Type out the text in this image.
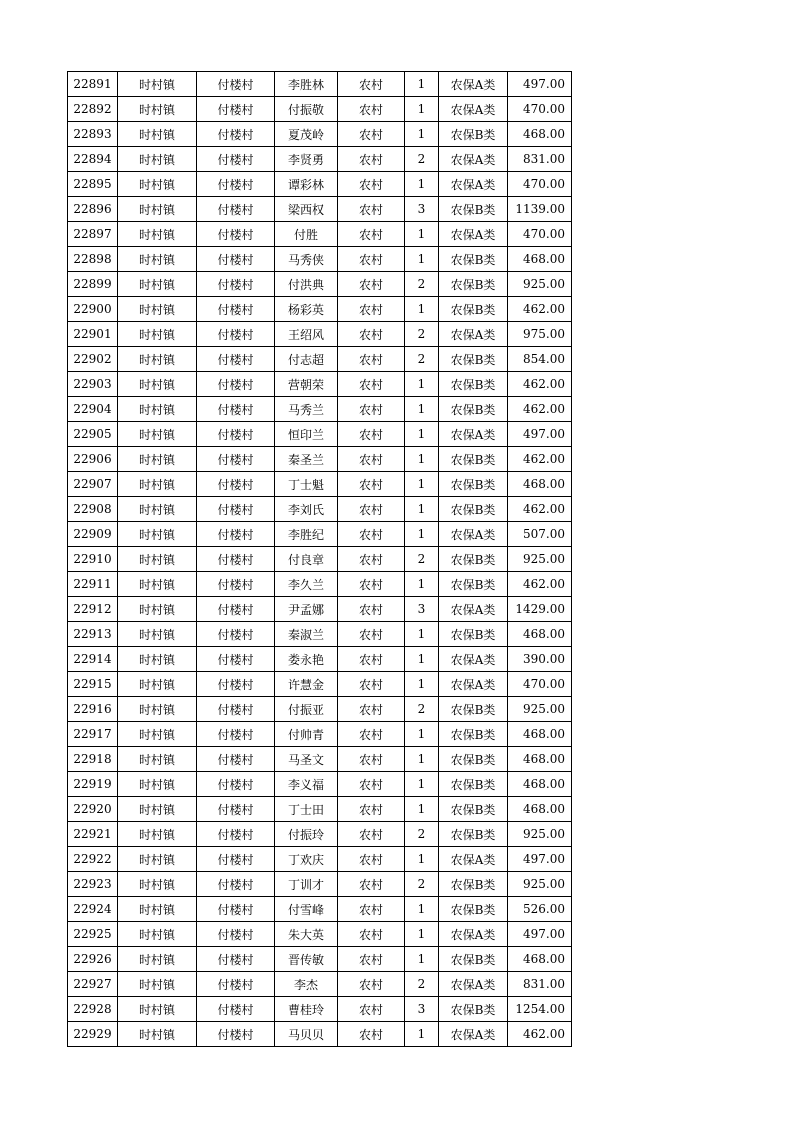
22891	时村镇	付楼村	李胜林	农村	1	农保A类	497.00
22892	时村镇	付楼村	付振敬	农村	1	农保A类	470.00
22893	时村镇	付楼村	夏茂岭	农村	1	农保B类	468.00
22894	时村镇	付楼村	李贤勇	农村	2	农保A类	831.00
22895	时村镇	付楼村	谭彩林	农村	1	农保A类	470.00
22896	时村镇	付楼村	梁西权	农村	3	农保B类	1139.00
22897	时村镇	付楼村	付胜	农村	1	农保A类	470.00
22898	时村镇	付楼村	马秀侠	农村	1	农保B类	468.00
22899	时村镇	付楼村	付洪典	农村	2	农保B类	925.00
22900	时村镇	付楼村	杨彩英	农村	1	农保B类	462.00
22901	时村镇	付楼村	王绍风	农村	2	农保A类	975.00
22902	时村镇	付楼村	付志超	农村	2	农保B类	854.00
22903	时村镇	付楼村	营朝荣	农村	1	农保B类	462.00
22904	时村镇	付楼村	马秀兰	农村	1	农保B类	462.00
22905	时村镇	付楼村	恒印兰	农村	1	农保A类	497.00
22906	时村镇	付楼村	秦圣兰	农村	1	农保B类	462.00
22907	时村镇	付楼村	丁士魁	农村	1	农保B类	468.00
22908	时村镇	付楼村	李刘氏	农村	1	农保B类	462.00
22909	时村镇	付楼村	李胜纪	农村	1	农保A类	507.00
22910	时村镇	付楼村	付良章	农村	2	农保B类	925.00
22911	时村镇	付楼村	李久兰	农村	1	农保B类	462.00
22912	时村镇	付楼村	尹孟娜	农村	3	农保A类	1429.00
22913	时村镇	付楼村	秦淑兰	农村	1	农保B类	468.00
22914	时村镇	付楼村	娄永艳	农村	1	农保A类	390.00
22915	时村镇	付楼村	许慧金	农村	1	农保A类	470.00
22916	时村镇	付楼村	付振亚	农村	2	农保B类	925.00
22917	时村镇	付楼村	付帅青	农村	1	农保B类	468.00
22918	时村镇	付楼村	马圣文	农村	1	农保B类	468.00
22919	时村镇	付楼村	李义福	农村	1	农保B类	468.00
22920	时村镇	付楼村	丁士田	农村	1	农保B类	468.00
22921	时村镇	付楼村	付振玲	农村	2	农保B类	925.00
22922	时村镇	付楼村	丁欢庆	农村	1	农保A类	497.00
22923	时村镇	付楼村	丁训才	农村	2	农保B类	925.00
22924	时村镇	付楼村	付雪峰	农村	1	农保B类	526.00
22925	时村镇	付楼村	朱大英	农村	1	农保A类	497.00
22926	时村镇	付楼村	晋传敏	农村	1	农保B类	468.00
22927	时村镇	付楼村	李杰	农村	2	农保A类	831.00
22928	时村镇	付楼村	曹桂玲	农村	3	农保B类	1254.00
22929	时村镇	付楼村	马贝贝	农村	1	农保A类	462.00
